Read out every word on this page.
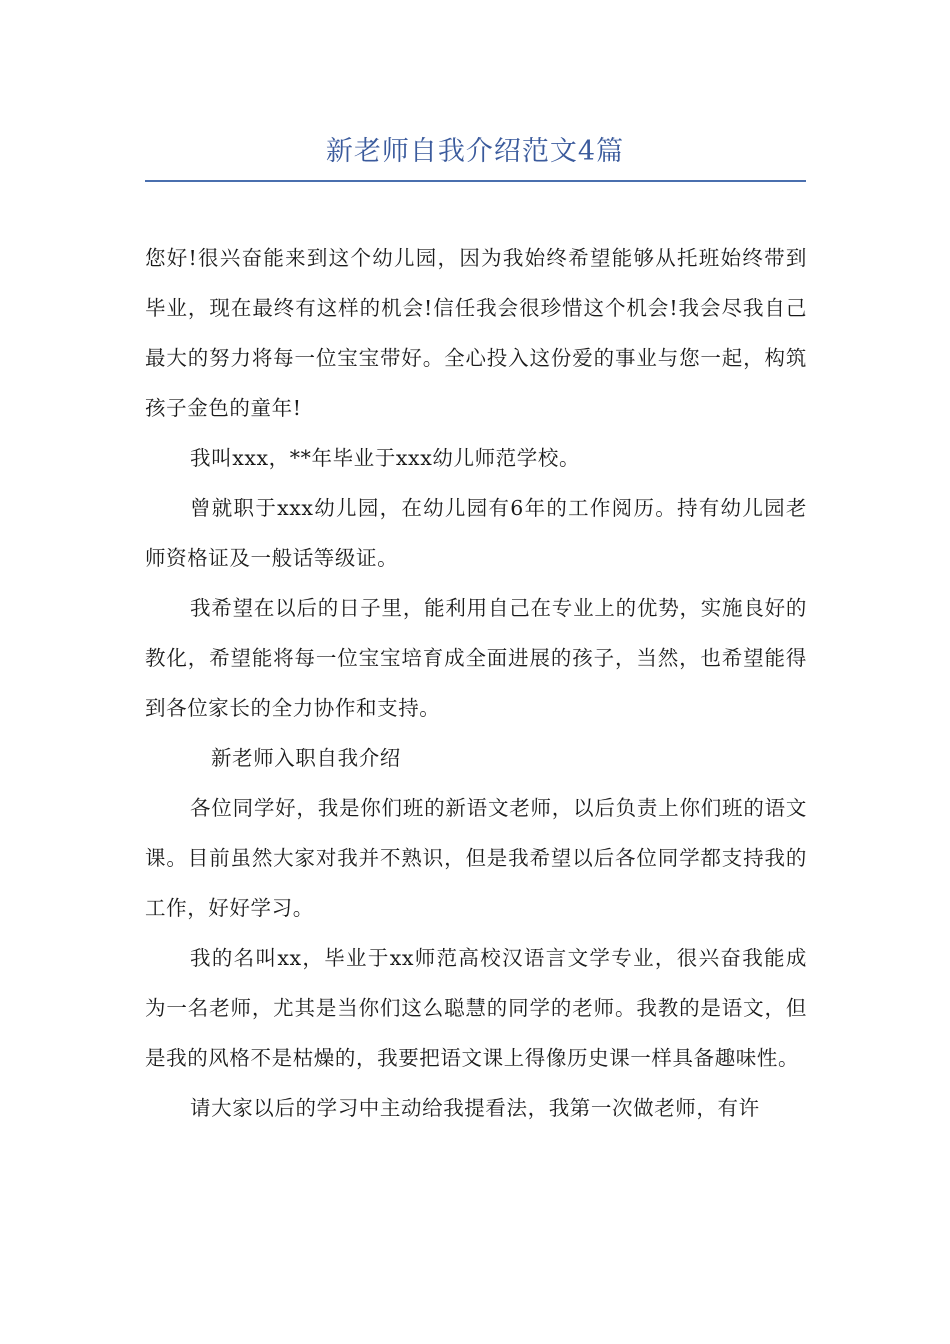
新老师自我介绍范文4篇

您好!很兴奋能来到这个幼儿园，因为我始终希望能够从托班始终带到毕业，现在最终有这样的机会!信任我会很珍惜这个机会!我会尽我自己最大的努力将每一位宝宝带好。全心投入这份爱的事业与您一起，构筑孩子金色的童年!

我叫xxx，**年毕业于xxx幼儿师范学校。

曾就职于xxx幼儿园，在幼儿园有6年的工作阅历。持有幼儿园老师资格证及一般话等级证。

我希望在以后的日子里，能利用自己在专业上的优势，实施良好的教化，希望能将每一位宝宝培育成全面进展的孩子，当然，也希望能得到各位家长的全力协作和支持。

新老师入职自我介绍

各位同学好，我是你们班的新语文老师，以后负责上你们班的语文课。目前虽然大家对我并不熟识，但是我希望以后各位同学都支持我的工作，好好学习。

我的名叫xx，毕业于xx师范高校汉语言文学专业，很兴奋我能成为一名老师，尤其是当你们这么聪慧的同学的老师。我教的是语文，但是我的风格不是枯燥的，我要把语文课上得像历史课一样具备趣味性。

请大家以后的学习中主动给我提看法，我第一次做老师，有许
